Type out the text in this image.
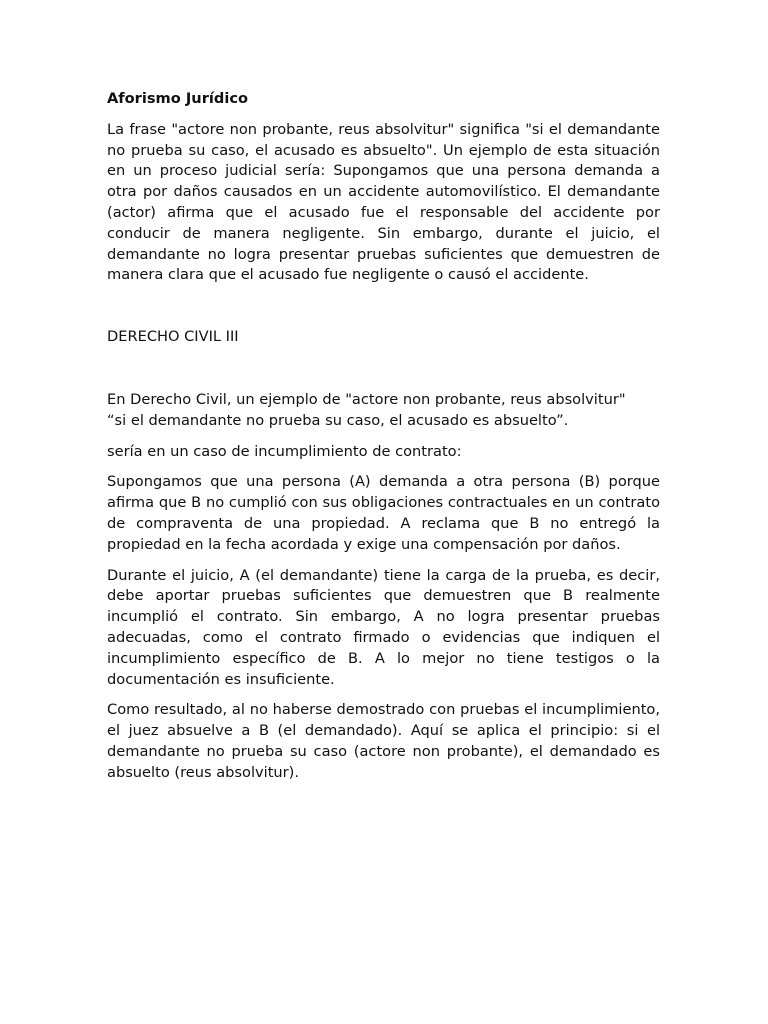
Aforismo Jurídico

La frase "actore non probante, reus absolvitur" significa "si el demandante no prueba su caso, el acusado es absuelto". Un ejemplo de esta situación en un proceso judicial sería: Supongamos que una persona demanda a otra por daños causados en un accidente automovilístico. El demandante (actor) afirma que el acusado fue el responsable del accidente por conducir de manera negligente. Sin embargo, durante el juicio, el demandante no logra presentar pruebas suficientes que demuestren de manera clara que el acusado fue negligente o causó el accidente.

DERECHO CIVIL III

En Derecho Civil, un ejemplo de "actore non probante, reus absolvitur"
“si el demandante no prueba su caso, el acusado es absuelto”.

sería en un caso de incumplimiento de contrato:

Supongamos que una persona (A) demanda a otra persona (B) porque afirma que B no cumplió con sus obligaciones contractuales en un contrato de compraventa de una propiedad. A reclama que B no entregó la propiedad en la fecha acordada y exige una compensación por daños.

Durante el juicio, A (el demandante) tiene la carga de la prueba, es decir, debe aportar pruebas suficientes que demuestren que B realmente incumplió el contrato. Sin embargo, A no logra presentar pruebas adecuadas, como el contrato firmado o evidencias que indiquen el incumplimiento específico de B. A lo mejor no tiene testigos o la documentación es insuficiente.

Como resultado, al no haberse demostrado con pruebas el incumplimiento, el juez absuelve a B (el demandado). Aquí se aplica el principio: si el demandante no prueba su caso (actore non probante), el demandado es absuelto (reus absolvitur).
